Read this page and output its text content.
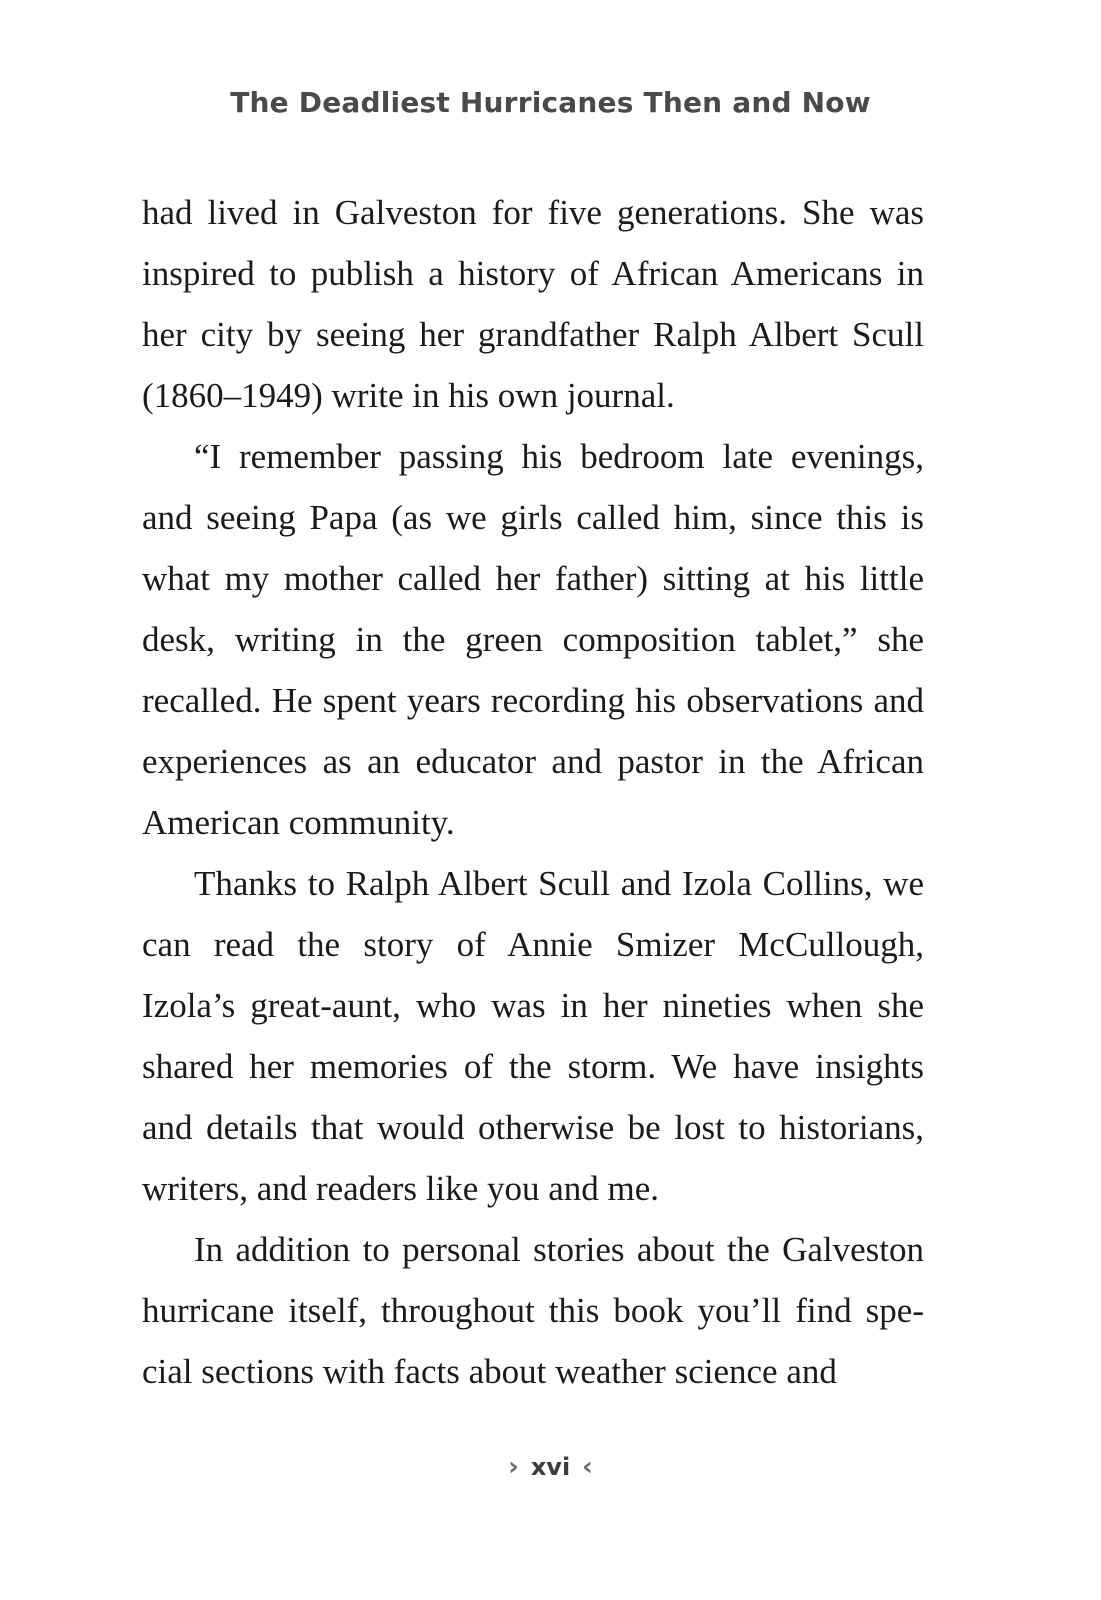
The Deadliest Hurricanes Then and Now

had lived in Galveston for five generations. She was inspired to publish a history of African Americans in her city by seeing her grandfather Ralph Albert Scull (1860–1949) write in his own journal.

“I remember passing his bedroom late evenings, and seeing Papa (as we girls called him, since this is what my mother called her father) sitting at his little desk, writing in the green composition tablet,” she recalled. He spent years recording his observations and experiences as an educator and pastor in the African American community.

Thanks to Ralph Albert Scull and Izola Collins, we can read the story of Annie Smizer McCullough, Izola’s great-aunt, who was in her nineties when she shared her memories of the storm. We have insights and details that would otherwise be lost to historians, writers, and readers like you and me.

In addition to personal stories about the Galveston hurricane itself, throughout this book you’ll find special sections with facts about weather science and

› xvi ‹
